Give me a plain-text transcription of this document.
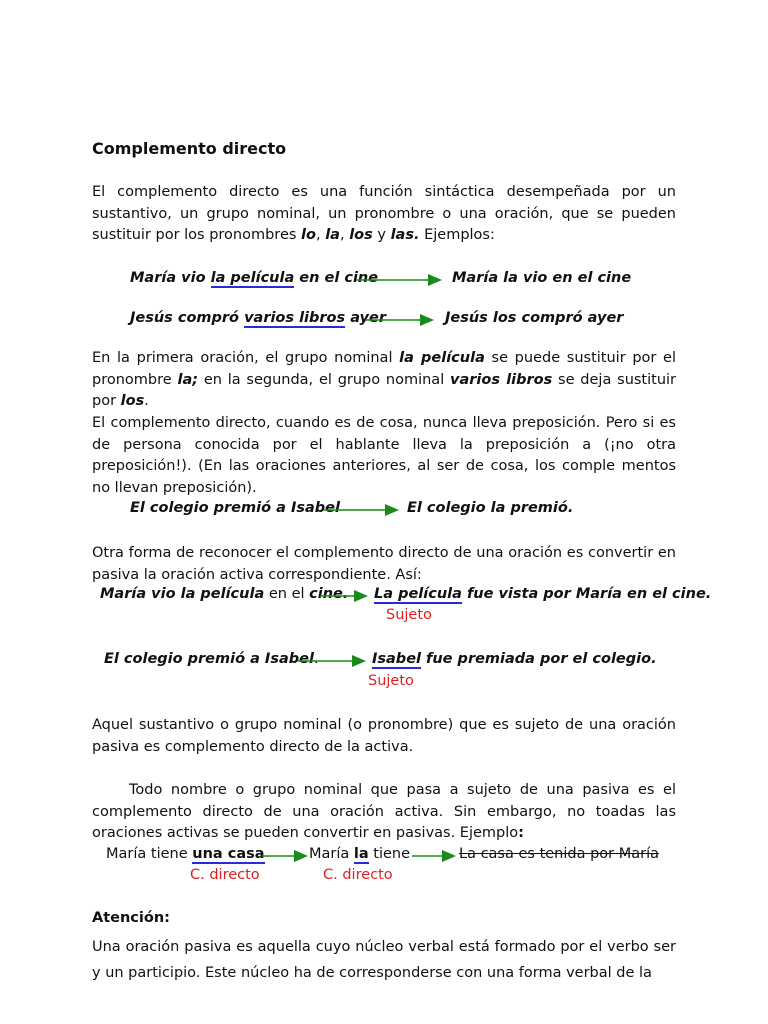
Complemento directo
El complemento directo es una función sintáctica desempeñada por un sustantivo, un grupo nominal, un pronombre o una oración, que se pueden sustituir por los pronombres lo, la, los y las. Ejemplos:
María vio la película en el cine	María la vio en el cine
Jesús compró varios libros ayer	Jesús los compró ayer
En la primera oración, el grupo nominal la película se puede sustituir por el pronombre la; en la segunda, el grupo nominal varios libros se deja sustituir por los.
El complemento directo, cuando es de cosa, nunca lleva preposición. Pero si es de persona conocida por el hablante lleva la preposición a (¡no otra preposición!). (En las oraciones anteriores, al ser de cosa, los comple mentos no llevan preposición).
El colegio premió a Isabel	El colegio la premió.
Otra forma de reconocer el complemento directo de una oración es convertir en pasiva la oración activa correspondiente. Así:
María vio la película en el cine. La película fue vista por María en el cine.
Sujeto
El colegio premió a Isabel.	Isabel fue premiada por el colegio.
Sujeto
Aquel sustantivo o grupo nominal (o pronombre) que es sujeto de una oración pasiva es complemento directo de la activa.
Todo nombre o grupo nominal que pasa a sujeto de una pasiva es el complemento directo de una oración activa. Sin embargo, no toadas las oraciones activas se pueden convertir en pasivas. Ejemplo:
María tiene una casa	María la tiene	La casa es tenida por María
C. directo	C. directo
Atención:
Una oración pasiva es aquella cuyo núcleo verbal está formado por el verbo ser y un participio. Este núcleo ha de corresponderse con una forma verbal de la
